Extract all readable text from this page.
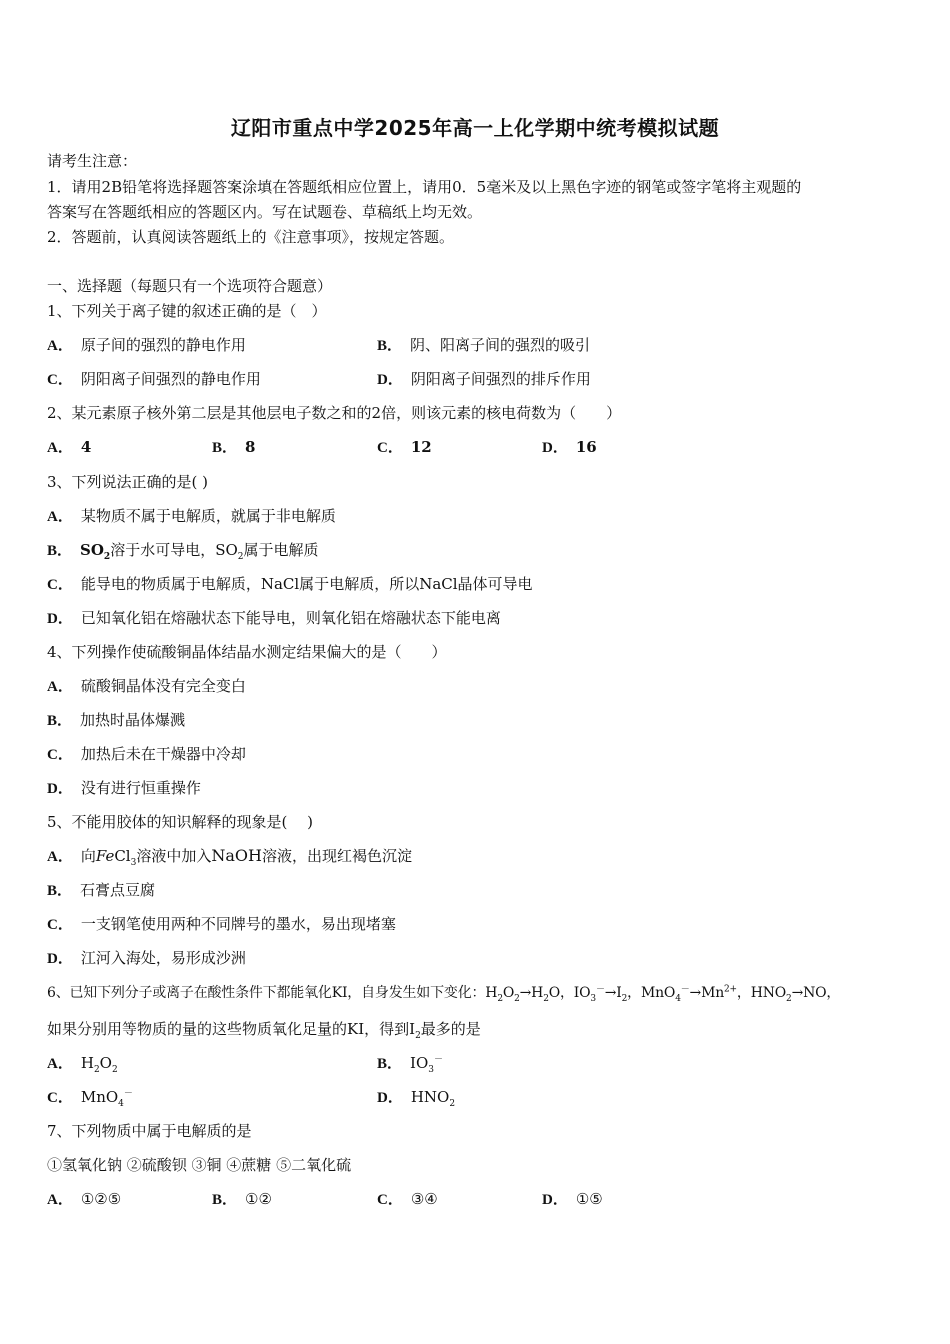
辽阳市重点中学2025年高一上化学期中统考模拟试题
请考生注意：
1．请用2B铅笔将选择题答案涂填在答题纸相应位置上，请用0．5毫米及以上黑色字迹的钢笔或签字笔将主观题的
答案写在答题纸相应的答题区内。写在试题卷、草稿纸上均无效。
2．答题前，认真阅读答题纸上的《注意事项》，按规定答题。
一、选择题（每题只有一个选项符合题意）
1、下列关于离子键的叙述正确的是（　）
A． 原子间的强烈的静电作用	B． 阴、阳离子间的强烈的吸引
C． 阴阳离子间强烈的静电作用	D． 阴阳离子间强烈的排斥作用
2、某元素原子核外第二层是其他层电子数之和的2倍，则该元素的核电荷数为（　　）
A． 4	B． 8	C． 12	D． 16
3、下列说法正确的是( )
A． 某物质不属于电解质，就属于非电解质
B． $SO_2$溶于水可导电，$SO_2$属于电解质
C． 能导电的物质属于电解质，NaCl属于电解质，所以NaCl晶体可导电
D． 已知氧化铝在熔融状态下能导电，则氧化铝在熔融状态下能电离
4、下列操作使硫酸铜晶体结晶水测定结果偏大的是（　　）
A． 硫酸铜晶体没有完全变白
B． 加热时晶体爆溅
C． 加热后未在干燥器中冷却
D． 没有进行恒重操作
5、不能用胶体的知识解释的现象是(　 )
A． 向FeCl$_3$溶液中加入NaOH溶液，出现红褐色沉淀
B． 石膏点豆腐
C． 一支钢笔使用两种不同牌号的墨水，易出现堵塞
D． 江河入海处，易形成沙洲
6、已知下列分子或离子在酸性条件下都能氧化KI，自身发生如下变化：$H_2O_2\to H_2O$，$IO_3^-\to I_2$，$MnO_4^-\to Mn^{2+}$，$HNO_2\to NO$，
如果分别用等物质的量的这些物质氧化足量的KI，得到$I_2$最多的是
A． $H_2O_2$	B． $IO_3^-$
C． MnO$_4$－	D． $HNO_2$
7、下列物质中属于电解质的是
①氢氧化钠 ②硫酸钡 ③铜 ④蔗糖 ⑤二氧化硫
A． ①②⑤	B． ①②	C． ③④	D． ①⑤
